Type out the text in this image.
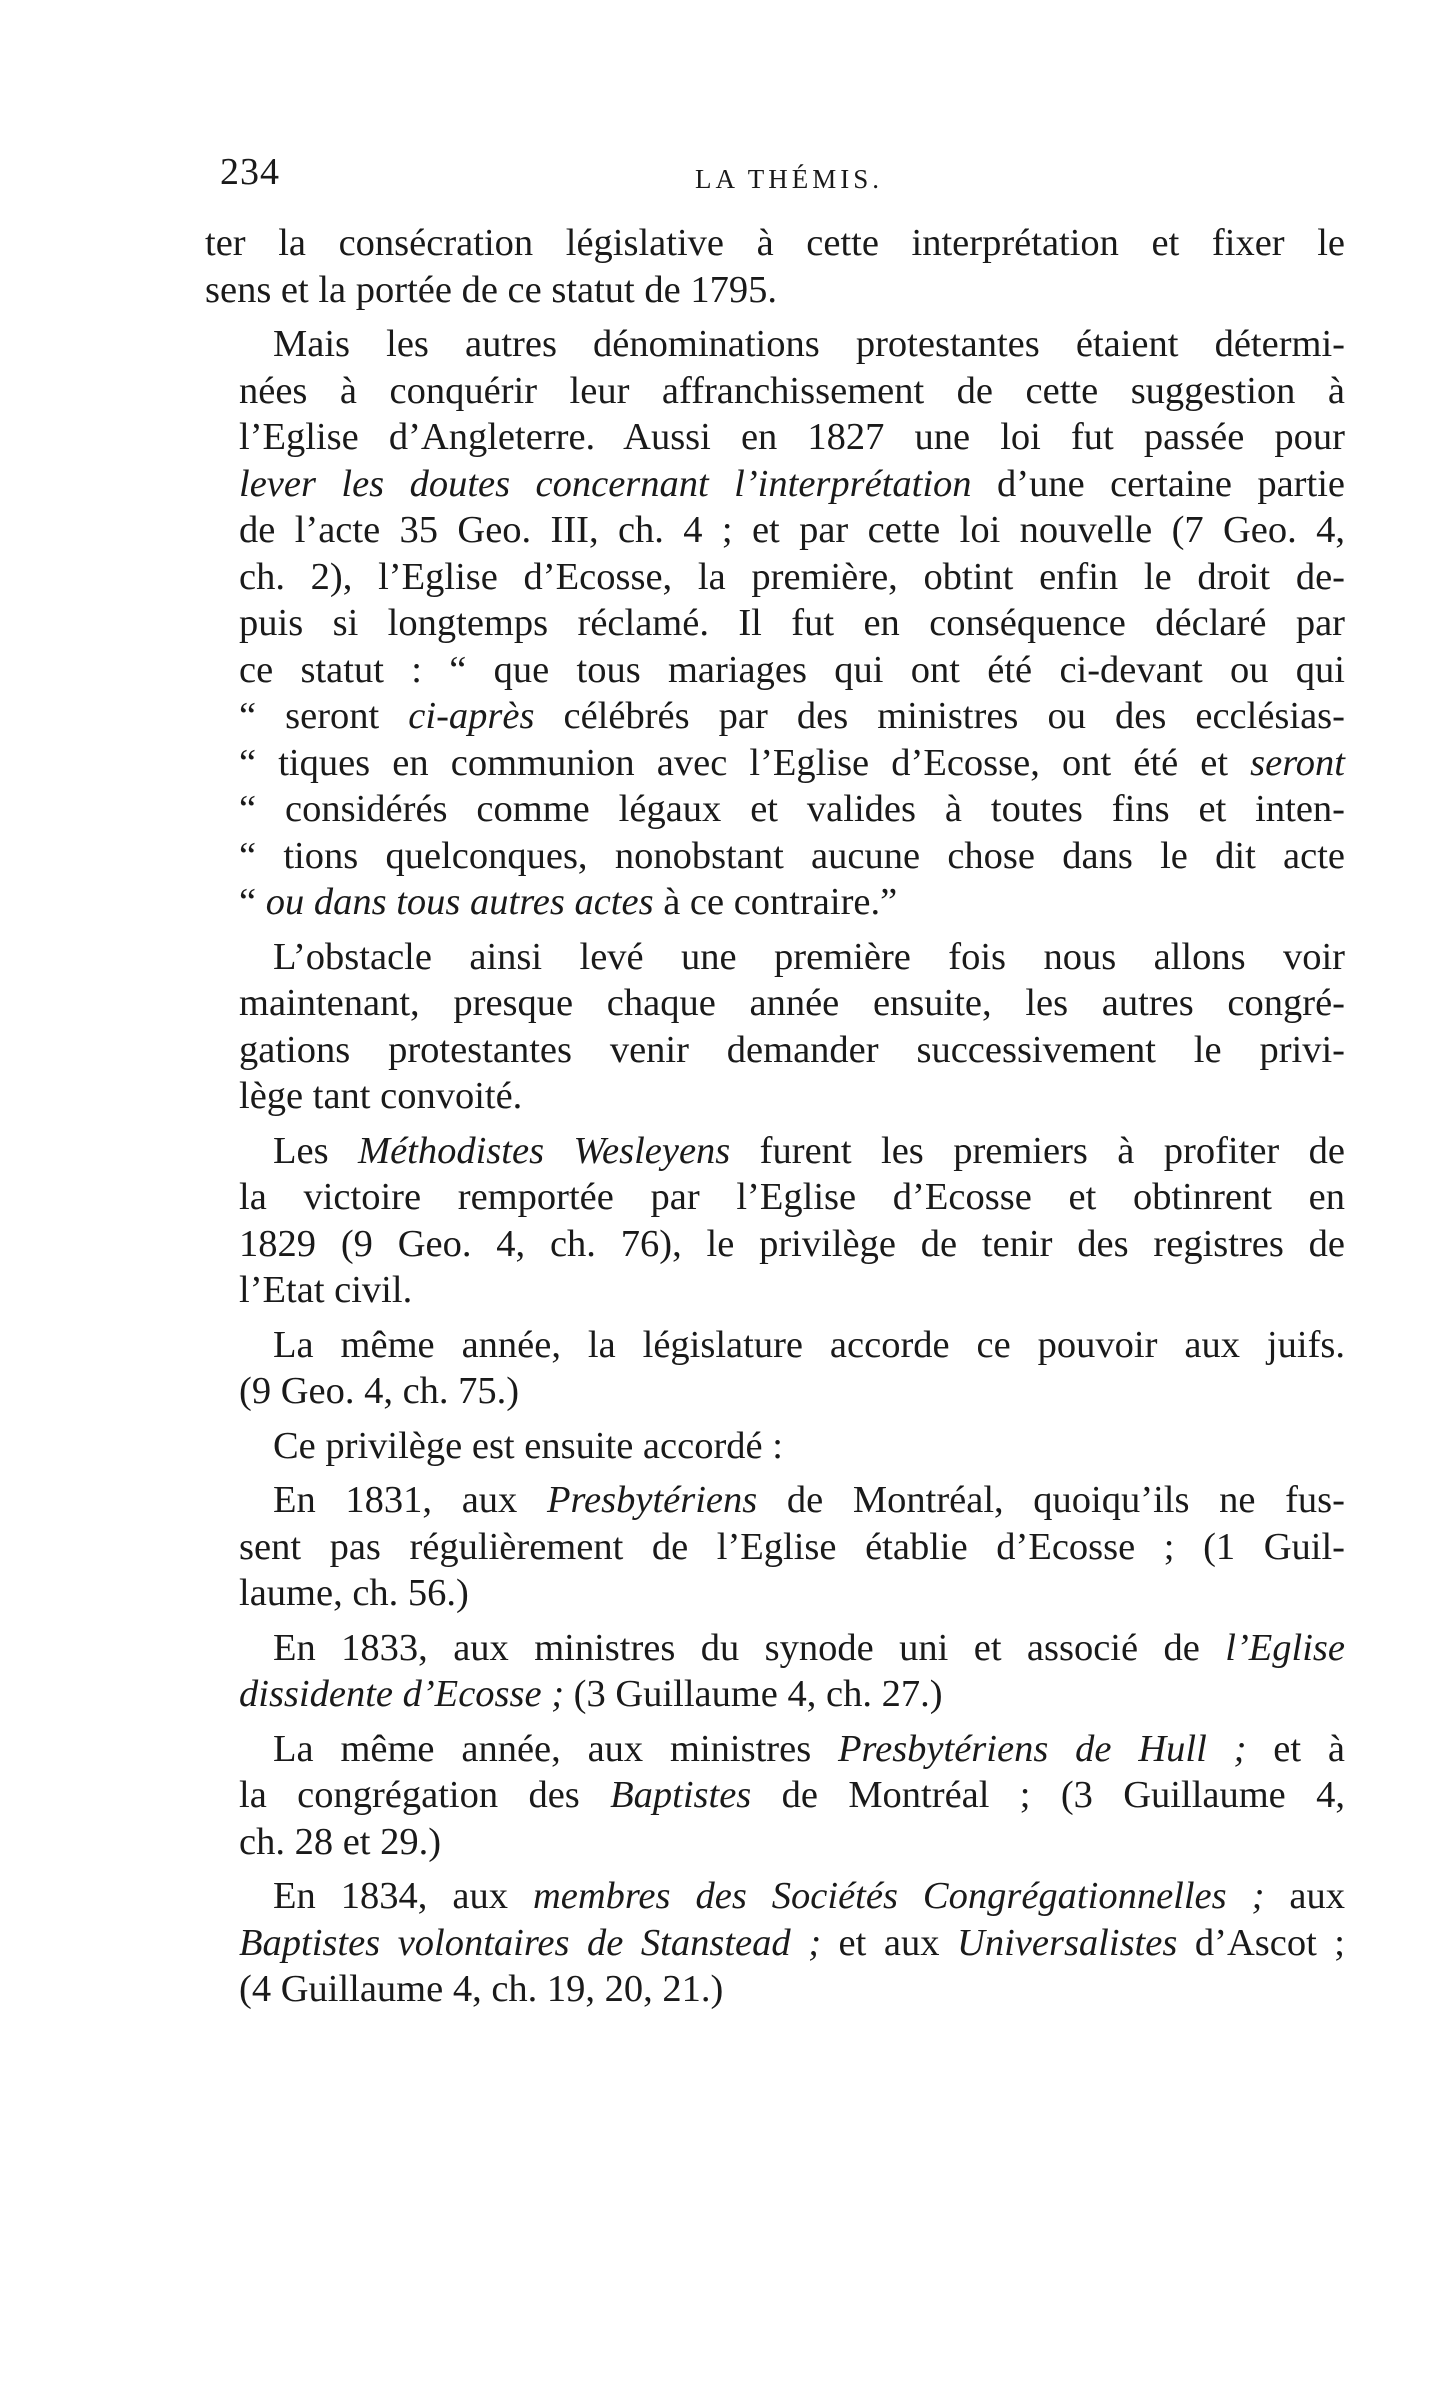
234	LA THÉMIS.
ter la consécration législative à cette interprétation et fixer le
sens et la portée de ce statut de 1795.
Mais les autres dénominations protestantes étaient détermi-
nées à conquérir leur affranchissement de cette suggestion à
l’Eglise d’Angleterre. Aussi en 1827 une loi fut passée pour
lever les doutes concernant l’interprétation d’une certaine partie
de l’acte 35 Geo. III, ch. 4 ; et par cette loi nouvelle (7 Geo. 4,
ch. 2), l’Eglise d’Ecosse, la première, obtint enfin le droit de-
puis si longtemps réclamé. Il fut en conséquence déclaré par
ce statut : “ que tous mariages qui ont été ci-devant ou qui
“ seront ci-après célébrés par des ministres ou des ecclésias-
“ tiques en communion avec l’Eglise d’Ecosse, ont été et seront
“ considérés comme légaux et valides à toutes fins et inten-
“ tions quelconques, nonobstant aucune chose dans le dit acte
“ ou dans tous autres actes à ce contraire.”
L’obstacle ainsi levé une première fois nous allons voir
maintenant, presque chaque année ensuite, les autres congré-
gations protestantes venir demander successivement le privi-
lège tant convoité.
Les Méthodistes Wesleyens furent les premiers à profiter de
la victoire remportée par l’Eglise d’Ecosse et obtinrent en
1829 (9 Geo. 4, ch. 76), le privilège de tenir des registres de
l’Etat civil.
La même année, la législature accorde ce pouvoir aux juifs.
(9 Geo. 4, ch. 75.)
Ce privilège est ensuite accordé :
En 1831, aux Presbytériens de Montréal, quoiqu’ils ne fus-
sent pas régulièrement de l’Eglise établie d’Ecosse ; (1 Guil-
laume, ch. 56.)
En 1833, aux ministres du synode uni et associé de l’Eglise
dissidente d’Ecosse ; (3 Guillaume 4, ch. 27.)
La même année, aux ministres Presbytériens de Hull ; et à
la congrégation des Baptistes de Montréal ; (3 Guillaume 4,
ch. 28 et 29.)
En 1834, aux membres des Sociétés Congrégationnelles ; aux
Baptistes volontaires de Stanstead ; et aux Universalistes d’Ascot ;
(4 Guillaume 4, ch. 19, 20, 21.)
